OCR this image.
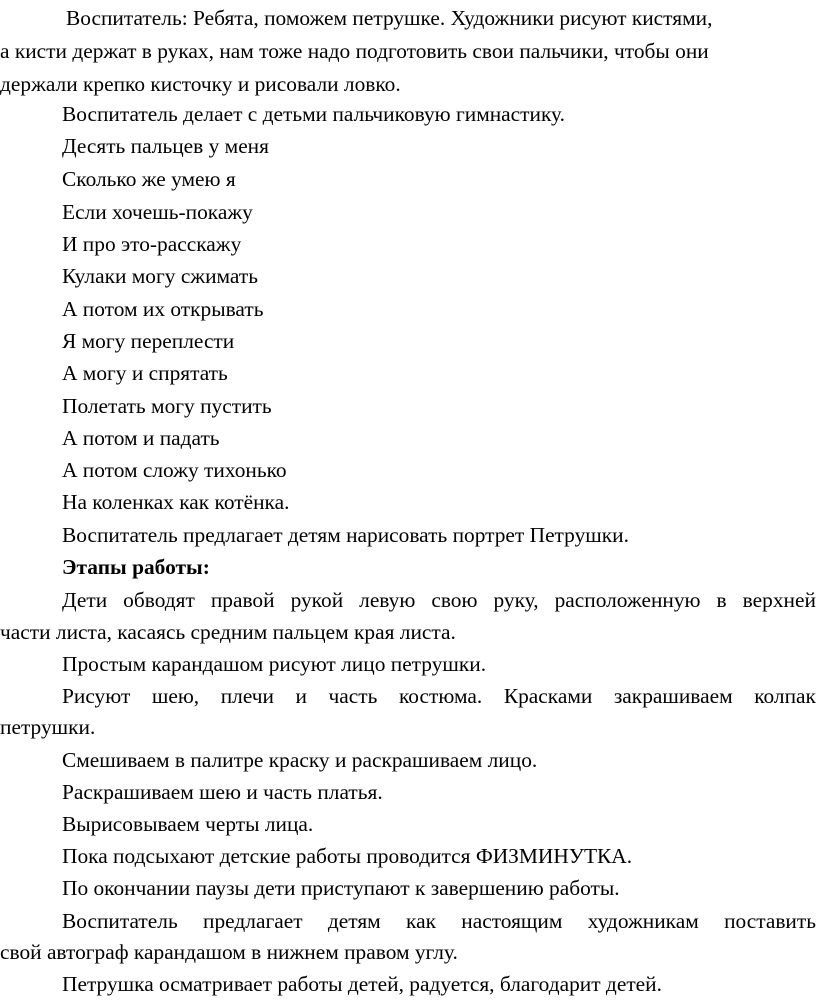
Воспитатель: Ребята, поможем петрушке. Художники рисуют кистями,
а кисти держат в руках, нам тоже надо подготовить свои пальчики, чтобы они
держали крепко кисточку и рисовали ловко.
Воспитатель делает с детьми пальчиковую гимнастику.
Десять пальцев у меня
Сколько же умею я
Если хочешь-покажу
И про это-расскажу
Кулаки могу сжимать
А потом их открывать
Я могу переплести
А могу и спрятать
Полетать могу пустить
А потом и падать
А потом сложу тихонько
На коленках как котёнка.
Воспитатель предлагает детям нарисовать портрет Петрушки.
Этапы работы:
Дети обводят правой рукой левую свою руку, расположенную в верхней
части листа, касаясь средним пальцем края листа.
Простым карандашом рисуют лицо петрушки.
Рисуют шею, плечи и часть костюма. Красками закрашиваем колпак
петрушки.
Смешиваем в палитре краску и раскрашиваем лицо.
Раскрашиваем шею и часть платья.
Вырисовываем черты лица.
Пока подсыхают детские работы проводится ФИЗМИНУТКА.
По окончании паузы дети приступают к завершению работы.
Воспитатель предлагает детям как настоящим художникам поставить
свой автограф карандашом в нижнем правом углу.
Петрушка осматривает работы детей, радуется, благодарит детей.
